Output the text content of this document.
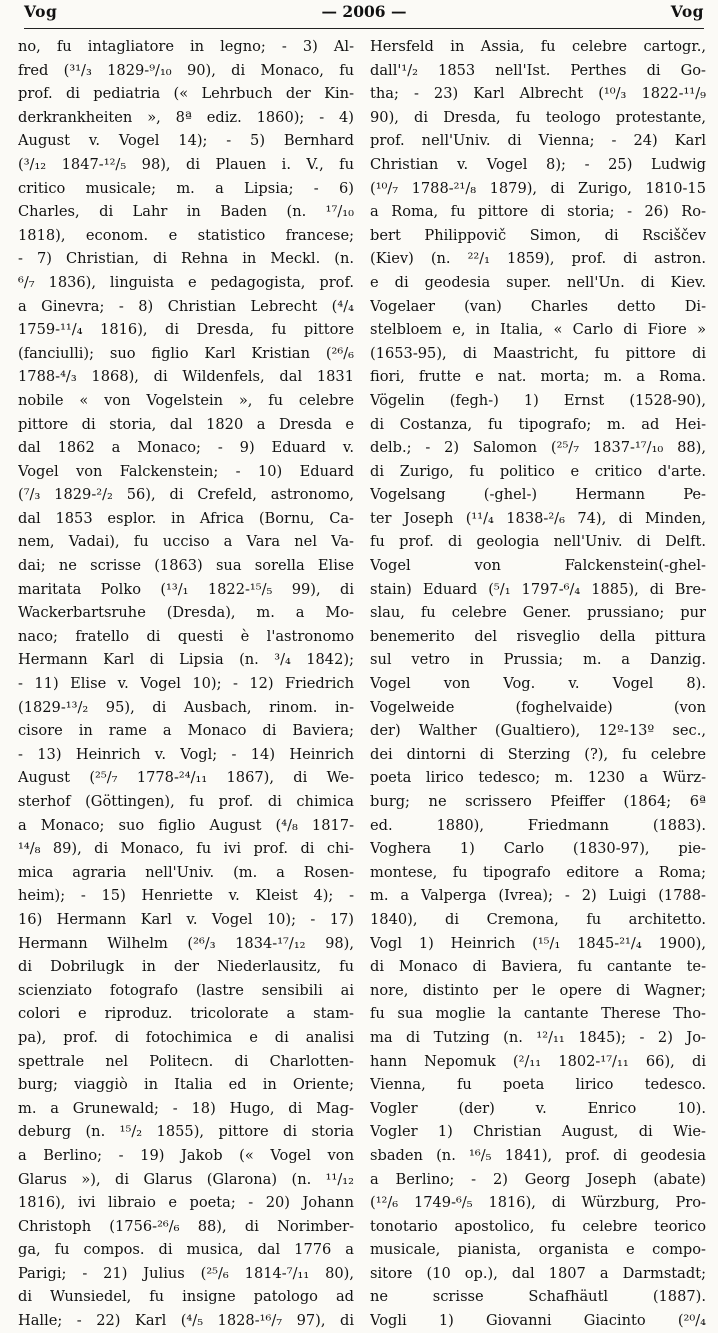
Vog	— 2006 —	Vog
no, fu intagliatore in legno; - 3) Al-
fred (³¹/₃ 1829-⁹/₁₀ 90), di Monaco, fu
prof. di pediatria (« Lehrbuch der Kin-
derkrankheiten », 8ª ediz. 1860); - 4)
August v. Vogel 14); - 5) Bernhard
(³/₁₂ 1847-¹²/₅ 98), di Plauen i. V., fu
critico musicale; m. a Lipsia; - 6)
Charles, di Lahr in Baden (n. ¹⁷/₁₀
1818), econom. e statistico francese;
- 7) Christian, di Rehna in Meckl. (n.
⁶/₇ 1836), linguista e pedagogista, prof.
a Ginevra; - 8) Christian Lebrecht (⁴/₄
1759-¹¹/₄ 1816), di Dresda, fu pittore
(fanciulli); suo figlio Karl Kristian (²⁶/₆
1788-⁴/₃ 1868), di Wildenfels, dal 1831
nobile « von Vogelstein », fu celebre
pittore di storia, dal 1820 a Dresda e
dal 1862 a Monaco; - 9) Eduard v.
Vogel von Falckenstein; - 10) Eduard
(⁷/₃ 1829-²/₂ 56), di Crefeld, astronomo,
dal 1853 esplor. in Africa (Bornu, Ca-
nem, Vadai), fu ucciso a Vara nel Va-
dai; ne scrisse (1863) sua sorella Elise
maritata Polko (¹³/₁ 1822-¹⁵/₅ 99), di
Wackerbartsruhe (Dresda), m. a Mo-
naco; fratello di questi è l'astronomo
Hermann Karl di Lipsia (n. ³/₄ 1842);
- 11) Elise v. Vogel 10); - 12) Friedrich
(1829-¹³/₂ 95), di Ausbach, rinom. in-
cisore in rame a Monaco di Baviera;
- 13) Heinrich v. Vogl; - 14) Heinrich
August (²⁵/₇ 1778-²⁴/₁₁ 1867), di We-
sterhof (Göttingen), fu prof. di chimica
a Monaco; suo figlio August (⁴/₈ 1817-
¹⁴/₈ 89), di Monaco, fu ivi prof. di chi-
mica agraria nell'Univ. (m. a Rosen-
heim); - 15) Henriette v. Kleist 4); -
16) Hermann Karl v. Vogel 10); - 17)
Hermann Wilhelm (²⁶/₃ 1834-¹⁷/₁₂ 98),
di Dobrilugk in der Niederlausitz, fu
scienziato fotografo (lastre sensibili ai
colori e riproduz. tricolorate a stam-
pa), prof. di fotochimica e di analisi
spettrale nel Politecn. di Charlotten-
burg; viaggiò in Italia ed in Oriente;
m. a Grunewald; - 18) Hugo, di Mag-
deburg (n. ¹⁵/₂ 1855), pittore di storia
a Berlino; - 19) Jakob (« Vogel von
Glarus »), di Glarus (Glarona) (n. ¹¹/₁₂
1816), ivi libraio e poeta; - 20) Johann
Christoph (1756-²⁶/₆ 88), di Norimber-
ga, fu compos. di musica, dal 1776 a
Parigi; - 21) Julius (²⁵/₆ 1814-⁷/₁₁ 80),
di Wunsiedel, fu insigne patologo ad
Halle; - 22) Karl (⁴/₅ 1828-¹⁶/₇ 97), di
Hersfeld in Assia, fu celebre cartogr.,
dall'¹/₂ 1853 nell'Ist. Perthes di Go-
tha; - 23) Karl Albrecht (¹⁰/₃ 1822-¹¹/₉
90), di Dresda, fu teologo protestante,
prof. nell'Univ. di Vienna; - 24) Karl
Christian v. Vogel 8); - 25) Ludwig
(¹⁰/₇ 1788-²¹/₈ 1879), di Zurigo, 1810-15
a Roma, fu pittore di storia; - 26) Ro-
bert Philippovič Simon, di Rsciščev
(Kiev) (n. ²²/₁ 1859), prof. di astron.
e di geodesia super. nell'Un. di Kiev.
Vogelaer (van) Charles detto Di-
stelbloem e, in Italia, « Carlo di Fiore »
(1653-95), di Maastricht, fu pittore di
fiori, frutte e nat. morta; m. a Roma.
Vögelin (fegh-) 1) Ernst (1528-90),
di Costanza, fu tipografo; m. ad Hei-
delb.; - 2) Salomon (²⁵/₇ 1837-¹⁷/₁₀ 88),
di Zurigo, fu politico e critico d'arte.
Vogelsang (-ghel-) Hermann Pe-
ter Joseph (¹¹/₄ 1838-²/₆ 74), di Minden,
fu prof. di geologia nell'Univ. di Delft.
Vogel von Falckenstein(-ghel-
stain) Eduard (⁵/₁ 1797-⁶/₄ 1885), di Bre-
slau, fu celebre Gener. prussiano; pur
benemerito del risveglio della pittura
sul vetro in Prussia; m. a Danzig.
Vogel von Vog. v. Vogel 8).
Vogelweide (foghelvaide) (von
der) Walther (Gualtiero), 12º-13º sec.,
dei dintorni di Sterzing (?), fu celebre
poeta lirico tedesco; m. 1230 a Würz-
burg; ne scrissero Pfeiffer (1864; 6ª
ed. 1880), Friedmann (1883).
Voghera 1) Carlo (1830-97), pie-
montese, fu tipografo editore a Roma;
m. a Valperga (Ivrea); - 2) Luigi (1788-
1840), di Cremona, fu architetto.
Vogl 1) Heinrich (¹⁵/₁ 1845-²¹/₄ 1900),
di Monaco di Baviera, fu cantante te-
nore, distinto per le opere di Wagner;
fu sua moglie la cantante Therese Tho-
ma di Tutzing (n. ¹²/₁₁ 1845); - 2) Jo-
hann Nepomuk (²/₁₁ 1802-¹⁷/₁₁ 66), di
Vienna, fu poeta lirico tedesco.
Vogler (der) v. Enrico 10).
Vogler 1) Christian August, di Wie-
sbaden (n. ¹⁶/₅ 1841), prof. di geodesia
a Berlino; - 2) Georg Joseph (abate)
(¹²/₆ 1749-⁶/₅ 1816), di Würzburg, Pro-
tonotario apostolico, fu celebre teorico
musicale, pianista, organista e compo-
sitore (10 op.), dal 1807 a Darmstadt;
ne scrisse Schafhäutl (1887).
Vogli 1) Giovanni Giacinto (²⁰/₄
